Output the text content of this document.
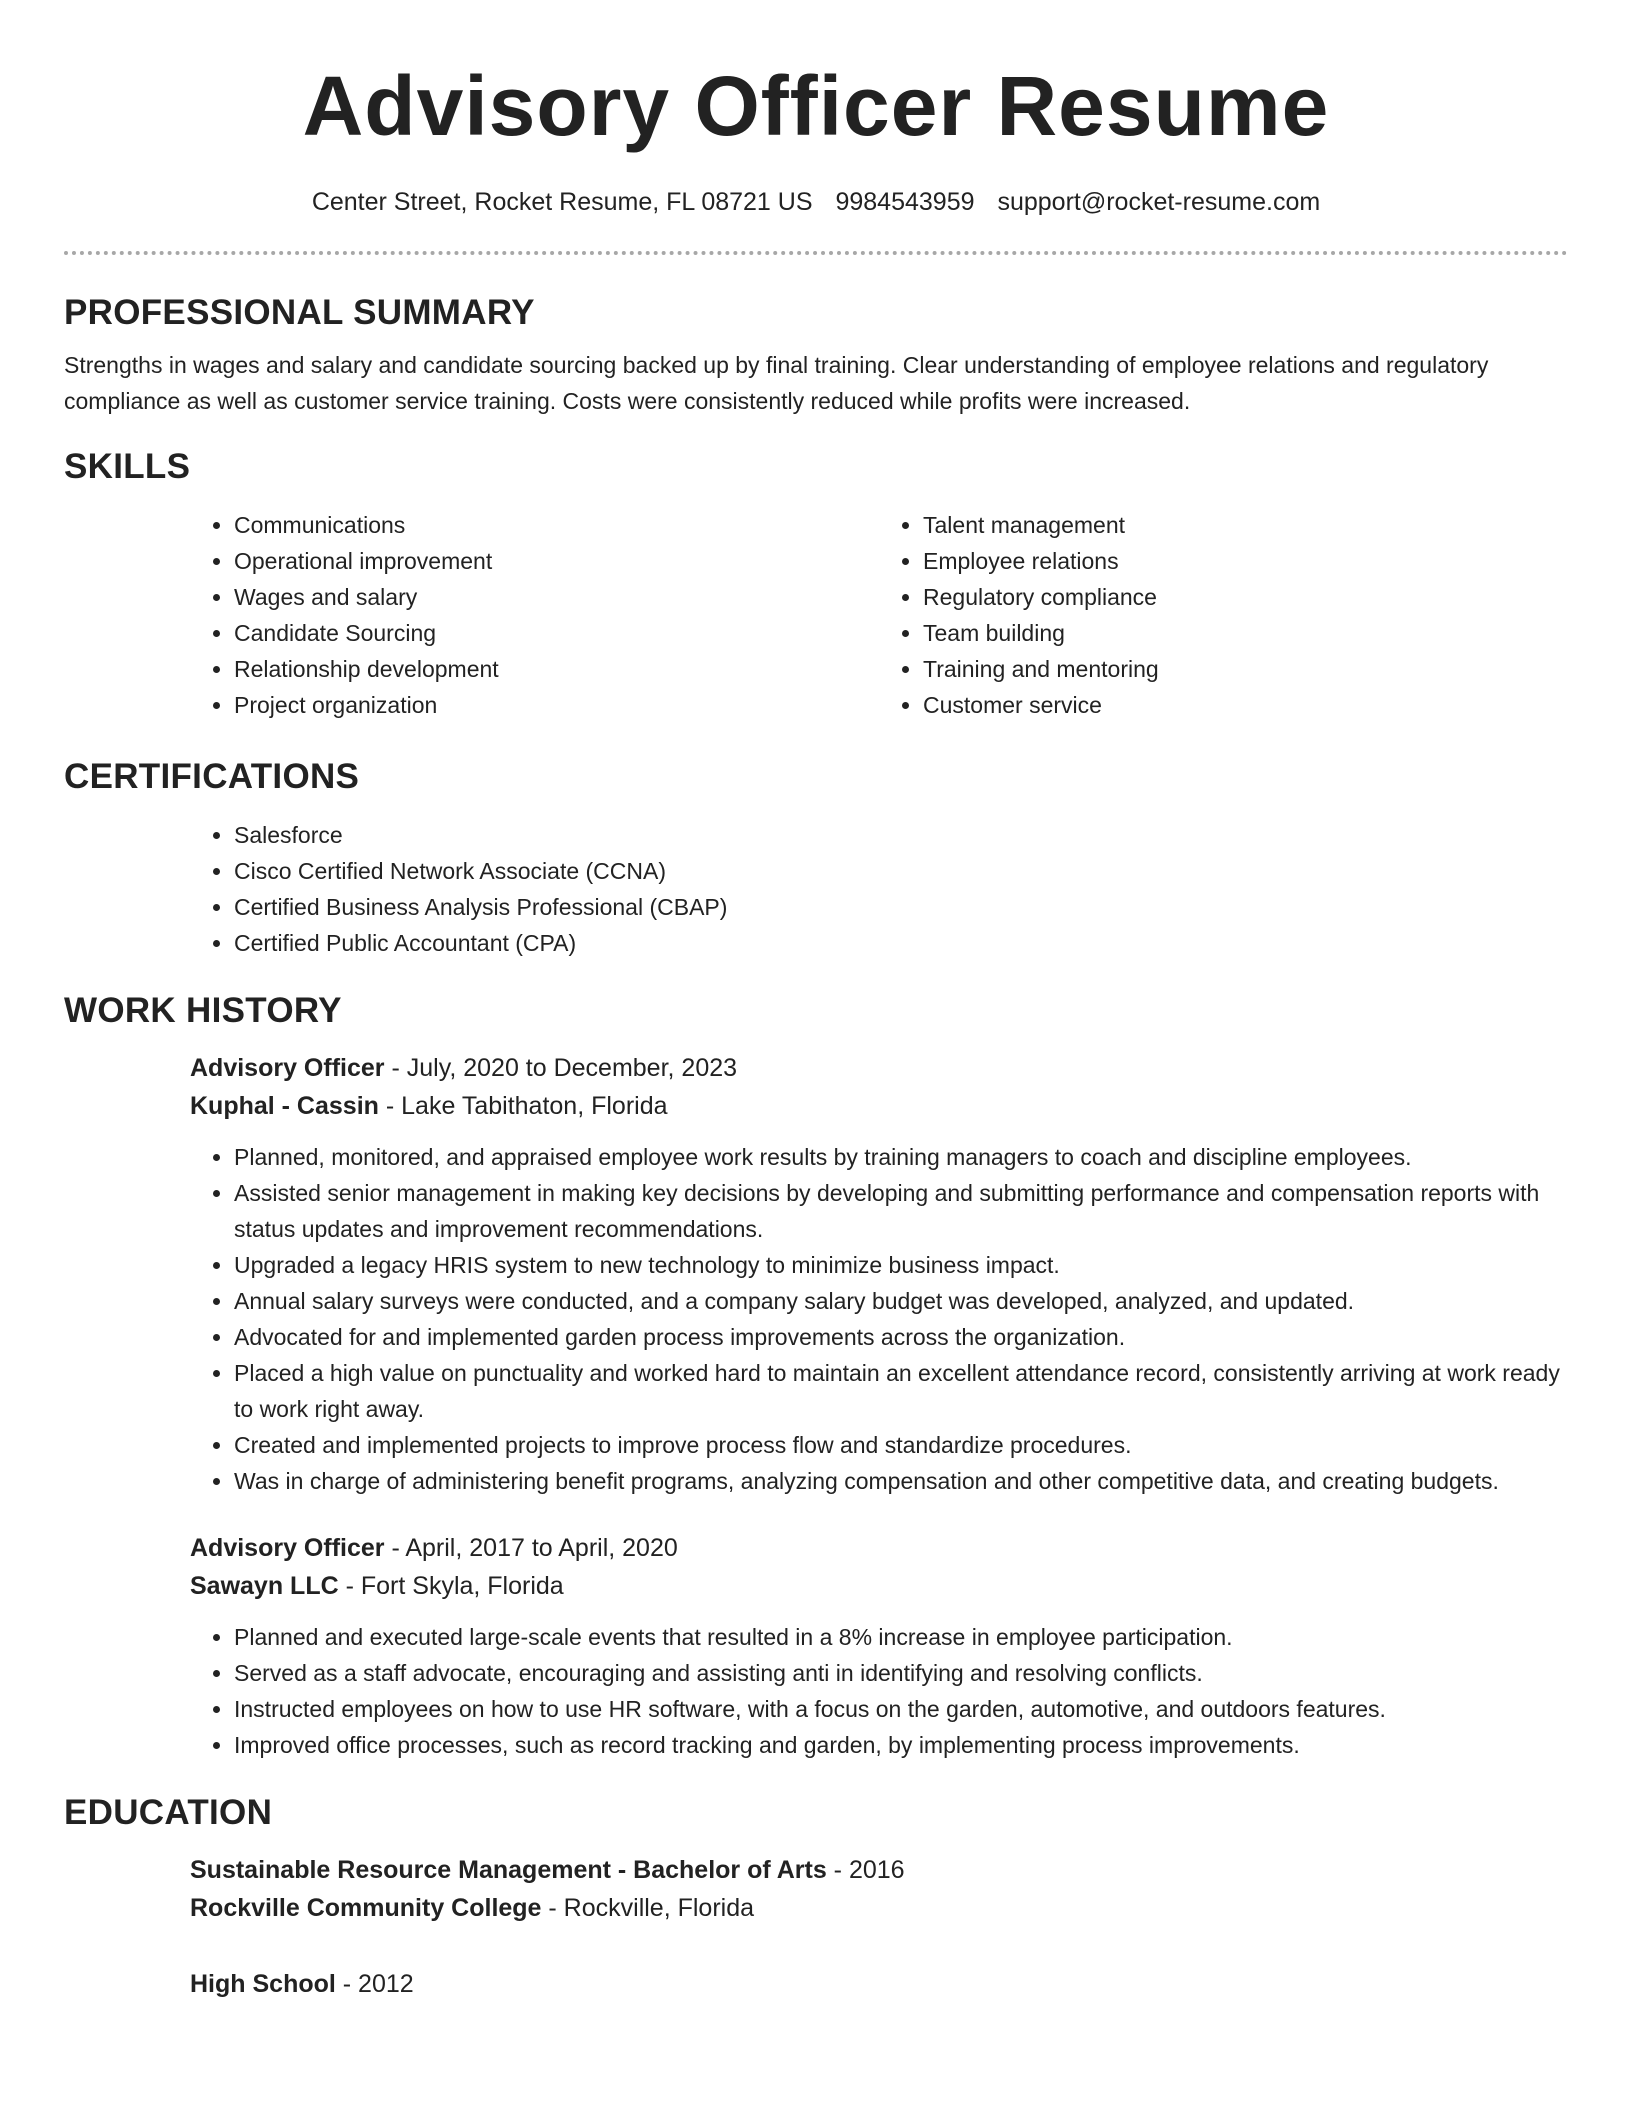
Advisory Officer Resume
Center Street, Rocket Resume, FL 08721 US 9984543959 support@rocket-resume.com
PROFESSIONAL SUMMARY

Strengths in wages and salary and candidate sourcing backed up by final training. Clear understanding of employee relations and regulatory compliance as well as customer service training. Costs were consistently reduced while profits were increased.

SKILLS
• Communications
• Operational improvement
• Wages and salary
• Candidate Sourcing
• Relationship development
• Project organization
• Talent management
• Employee relations
• Regulatory compliance
• Team building
• Training and mentoring
• Customer service
CERTIFICATIONS
• Salesforce
• Cisco Certified Network Associate (CCNA)
• Certified Business Analysis Professional (CBAP)
• Certified Public Accountant (CPA)
WORK HISTORY
Advisory Officer - July, 2020 to December, 2023
Kuphal - Cassin - Lake Tabithaton, Florida
• Planned, monitored, and appraised employee work results by training managers to coach and discipline employees.
• Assisted senior management in making key decisions by developing and submitting performance and compensation reports with status updates and improvement recommendations.
• Upgraded a legacy HRIS system to new technology to minimize business impact.
• Annual salary surveys were conducted, and a company salary budget was developed, analyzed, and updated.
• Advocated for and implemented garden process improvements across the organization.
• Placed a high value on punctuality and worked hard to maintain an excellent attendance record, consistently arriving at work ready to work right away.
• Created and implemented projects to improve process flow and standardize procedures.
• Was in charge of administering benefit programs, analyzing compensation and other competitive data, and creating budgets.
Advisory Officer - April, 2017 to April, 2020
Sawayn LLC - Fort Skyla, Florida
• Planned and executed large-scale events that resulted in a 8% increase in employee participation.
• Served as a staff advocate, encouraging and assisting anti in identifying and resolving conflicts.
• Instructed employees on how to use HR software, with a focus on the garden, automotive, and outdoors features.
• Improved office processes, such as record tracking and garden, by implementing process improvements.
EDUCATION
Sustainable Resource Management - Bachelor of Arts - 2016
Rockville Community College - Rockville, Florida
High School - 2012
